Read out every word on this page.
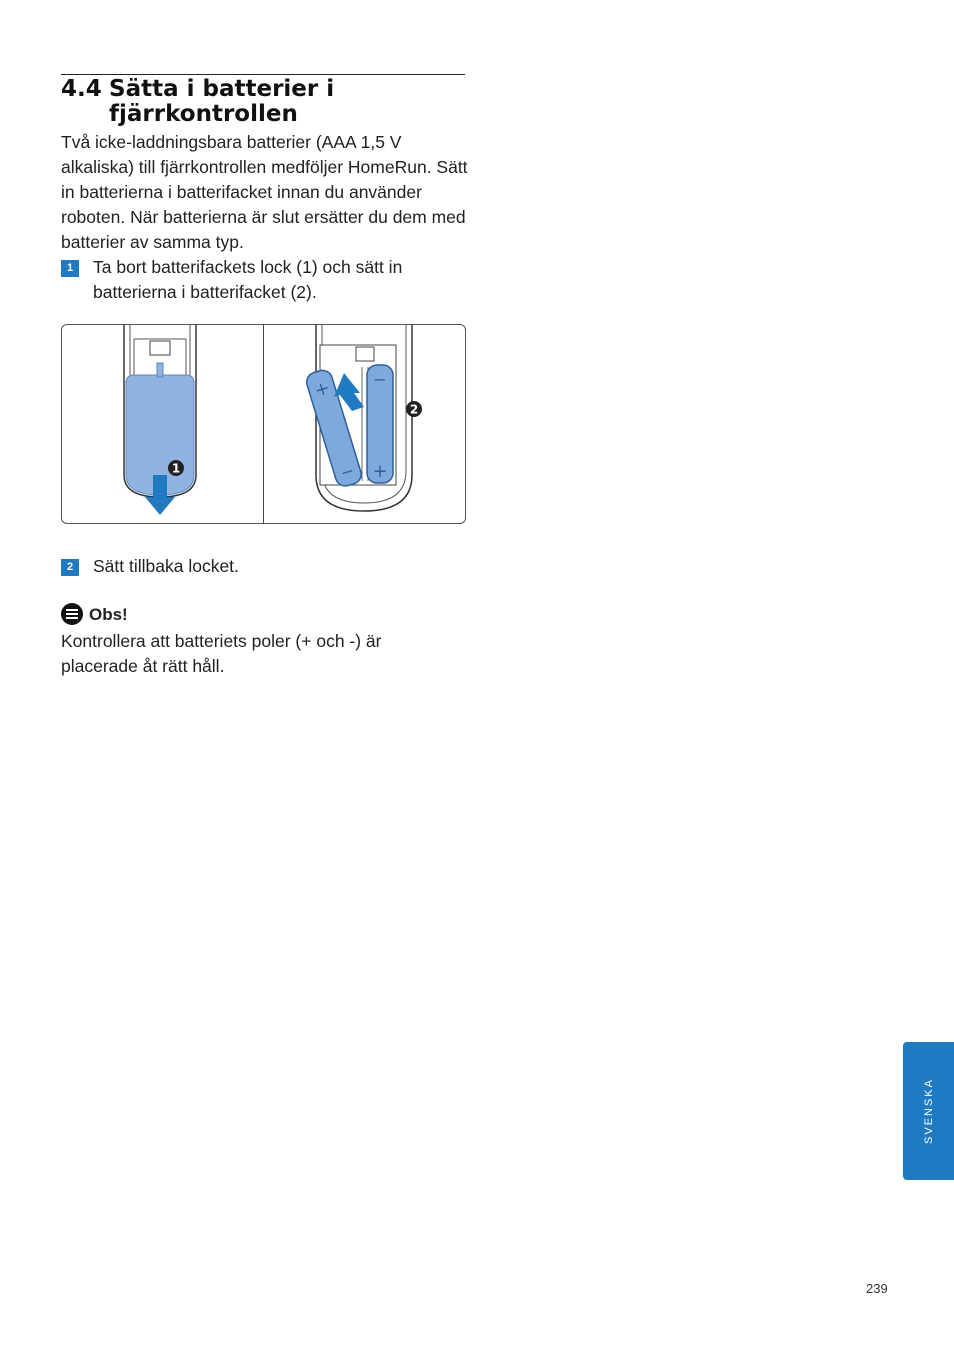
4.4 Sätta i batterier i
fjärrkontrollen

Två icke-laddningsbara batterier (AAA 1,5 V alkaliska) till fjärrkontrollen medföljer HomeRun. Sätt in batterierna i batterifacket innan du använder roboten. När batterierna är slut ersätter du dem med batterier av samma typ.

1	Ta bort batterifackets lock (1) och sätt in batterierna i batterifacket (2).
1
−
+
+
−
2
2	Sätt tillbaka locket.
Obs!

Kontrollera att batteriets poler (+ och -) är placerade åt rätt håll.

SVENSKA
239
